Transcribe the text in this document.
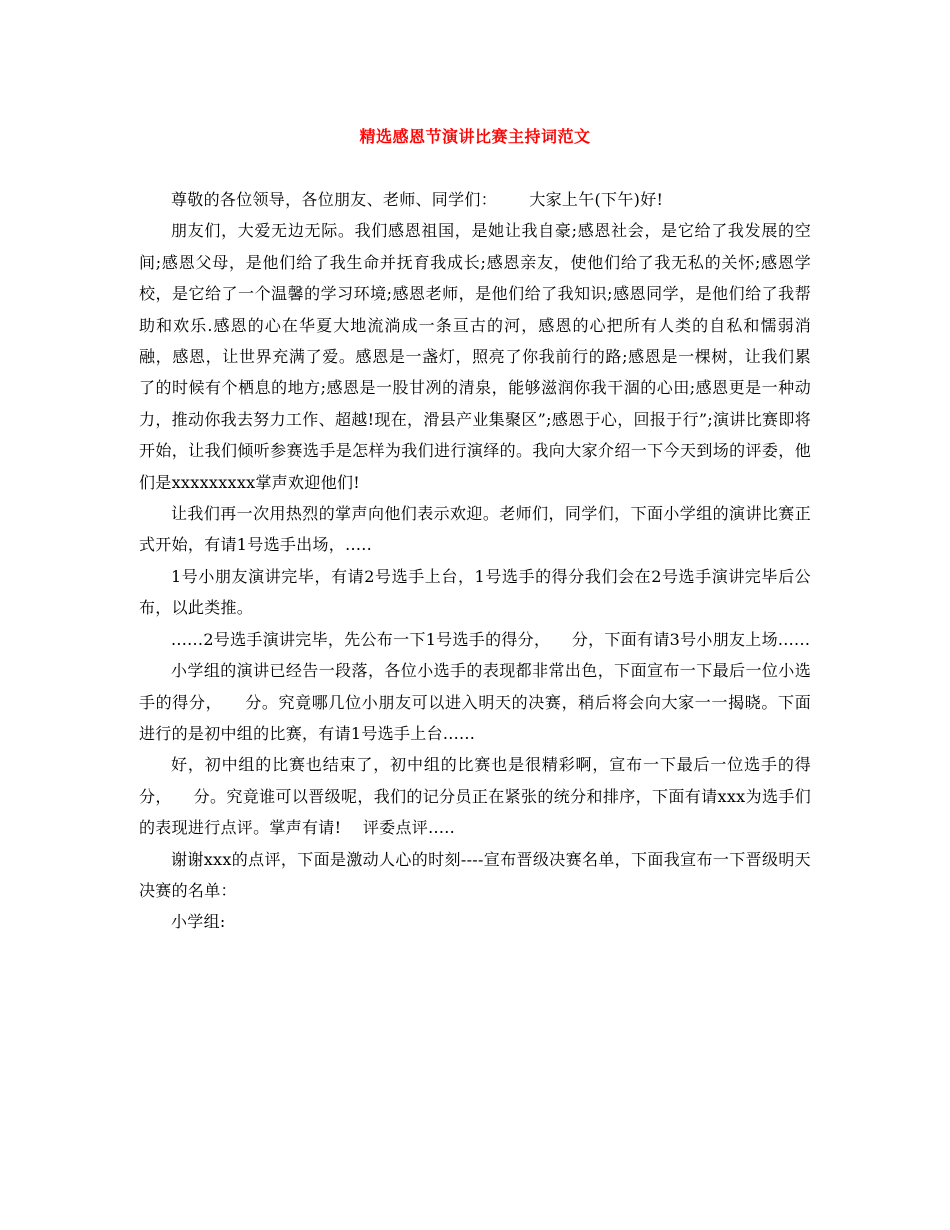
精选感恩节演讲比赛主持词范文

尊敬的各位领导，各位朋友、老师、同学们：      大家上午(下午)好!

朋友们，大爱无边无际。我们感恩祖国，是她让我自豪;感恩社会，是它给了我发展的空间;感恩父母，是他们给了我生命并抚育我成长;感恩亲友，使他们给了我无私的关怀;感恩学校，是它给了一个温馨的学习环境;感恩老师，是他们给了我知识;感恩同学，是他们给了我帮助和欢乐.感恩的心在华夏大地流淌成一条亘古的河，感恩的心把所有人类的自私和懦弱消融，感恩，让世界充满了爱。感恩是一盏灯，照亮了你我前行的路;感恩是一棵树，让我们累了的时候有个栖息的地方;感恩是一股甘冽的清泉，能够滋润你我干涸的心田;感恩更是一种动力，推动你我去努力工作、超越!现在，滑县产业集聚区”;感恩于心，回报于行”;演讲比赛即将开始，让我们倾听参赛选手是怎样为我们进行演绎的。我向大家介绍一下今天到场的评委，他们是xxxxxxxxx掌声欢迎他们!

让我们再一次用热烈的掌声向他们表示欢迎。老师们，同学们，下面小学组的演讲比赛正式开始，有请1号选手出场，.....

1号小朋友演讲完毕，有请2号选手上台，1号选手的得分我们会在2号选手演讲完毕后公布，以此类推。

......2号选手演讲完毕，先公布一下1号选手的得分，    分，下面有请3号小朋友上场......

小学组的演讲已经告一段落，各位小选手的表现都非常出色，下面宣布一下最后一位小选手的得分，    分。究竟哪几位小朋友可以进入明天的决赛，稍后将会向大家一一揭晓。下面进行的是初中组的比赛，有请1号选手上台......

好，初中组的比赛也结束了，初中组的比赛也是很精彩啊，宣布一下最后一位选手的得分，    分。究竟谁可以晋级呢，我们的记分员正在紧张的统分和排序，下面有请xxx为选手们的表现进行点评。掌声有请!    评委点评.....

谢谢xxx的点评，下面是激动人心的时刻----宣布晋级决赛名单，下面我宣布一下晋级明天决赛的名单：

小学组:
